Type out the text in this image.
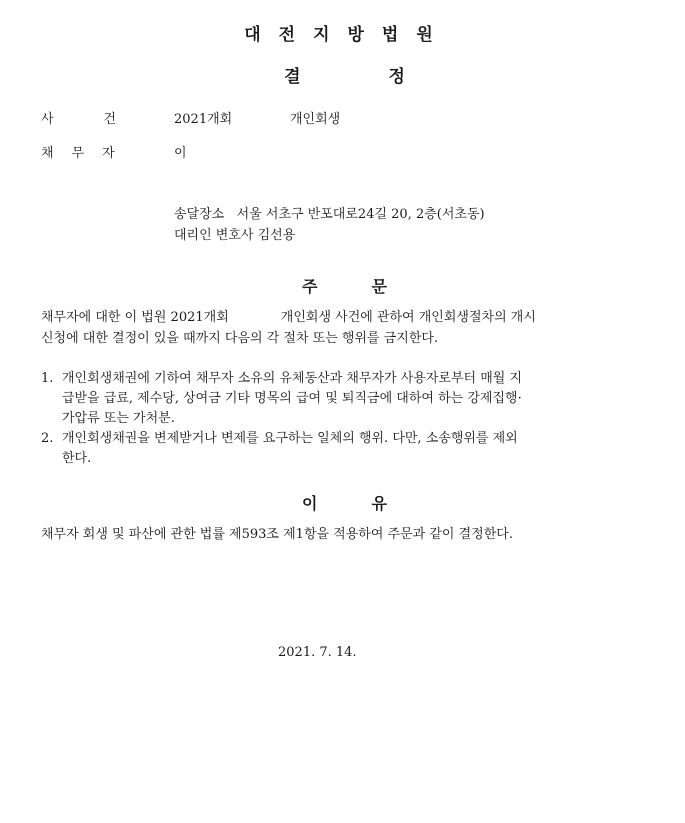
대전지방법원
결정
사건 2021개회	개인회생
채무자	이
송달장소 서울 서초구 반포대로24길 20, 2층(서초동)
대리인 변호사 김선용
주문
채무자에 대한 이 법원 2021개회	개인회생 사건에 관하여 개인회생절차의 개시
신청에 대한 결정이 있을 때까지 다음의 각 절차 또는 행위를 금지한다.
1. 개인회생채권에 기하여 채무자 소유의 유체동산과 채무자가 사용자로부터 매월 지
급받을 급료, 제수당, 상여금 기타 명목의 급여 및 퇴직금에 대하여 하는 강제집행·
가압류 또는 가처분.
2. 개인회생채권을 변제받거나 변제를 요구하는 일체의 행위. 다만, 소송행위를 제외
한다.
이유
채무자 회생 및 파산에 관한 법률 제593조 제1항을 적용하여 주문과 같이 결정한다.
2021. 7. 14.
